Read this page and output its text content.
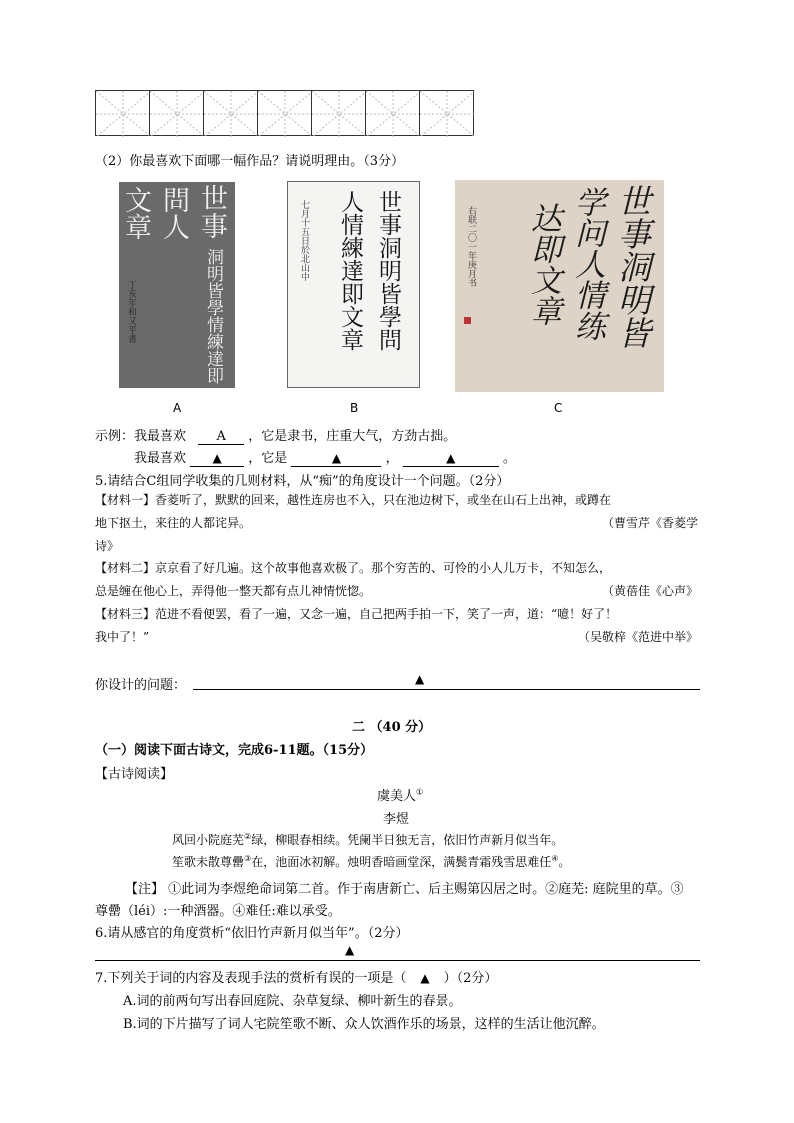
（2）你最喜欢下面哪一幅作品？请说明理由。（3分）
世事
問人
文章
洞明皆學情練達即
丁亥年和又平書	世事洞明皆學問
人情練達即文章
七月十五日於北山中	世事洞明皆
学问人情练
达即文章
右联二〇一年庚月书
A	B	C
示例：我最喜欢 A ，它是隶书，庄重大气，方劲古拙。
我最喜欢 ▲ ，它是	▲	，	▲	。
5.请结合C组同学收集的几则材料，从“痴”的角度设计一个问题。（2分）
【材料一】香菱听了，默默的回来，越性连房也不入，只在池边树下，或坐在山石上出神，或蹲在
地下抠土，来往的人都诧异。	（曹雪芹《香菱学
诗》
【材料二】京京看了好几遍。这个故事他喜欢极了。那个穷苦的、可怜的小人儿万卡，不知怎么，
总是缠在他心上，弄得他一整天都有点儿神情恍惚。	（黄蓓佳《心声》
【材料三】范进不看便罢，看了一遍，又念一遍，自己把两手拍一下，笑了一声，道：“噫！好了！
我中了！”	（吴敬梓《范进中举》
你设计的问题：	▲
二 （40 分）
（一）阅读下面古诗文，完成6-11题。（15分）
【古诗阅读】
虞美人①
李煜
风回小院庭芜②绿，柳眼春相续。凭阑半日独无言，依旧竹声新月似当年。
笙歌未散尊罍③在，池面冰初解。烛明香暗画堂深，满鬓青霜残雪思难任④。
【注】 ①此词为李煜绝命词第二首。作于南唐新亡、后主赐第囚居之时。②庭芜: 庭院里的草。③
尊罍（léi）:一种酒器。④难任:难以承受。
6.请从感官的角度赏析“依旧竹声新月似当年”。（2分）
▲
7.下列关于词的内容及表现手法的赏析有误的一项是（ ▲ ）（2分）
A.词的前两句写出春回庭院、杂草复绿、柳叶新生的春景。
B.词的下片描写了词人宅院笙歌不断、众人饮酒作乐的场景，这样的生活让他沉醉。
